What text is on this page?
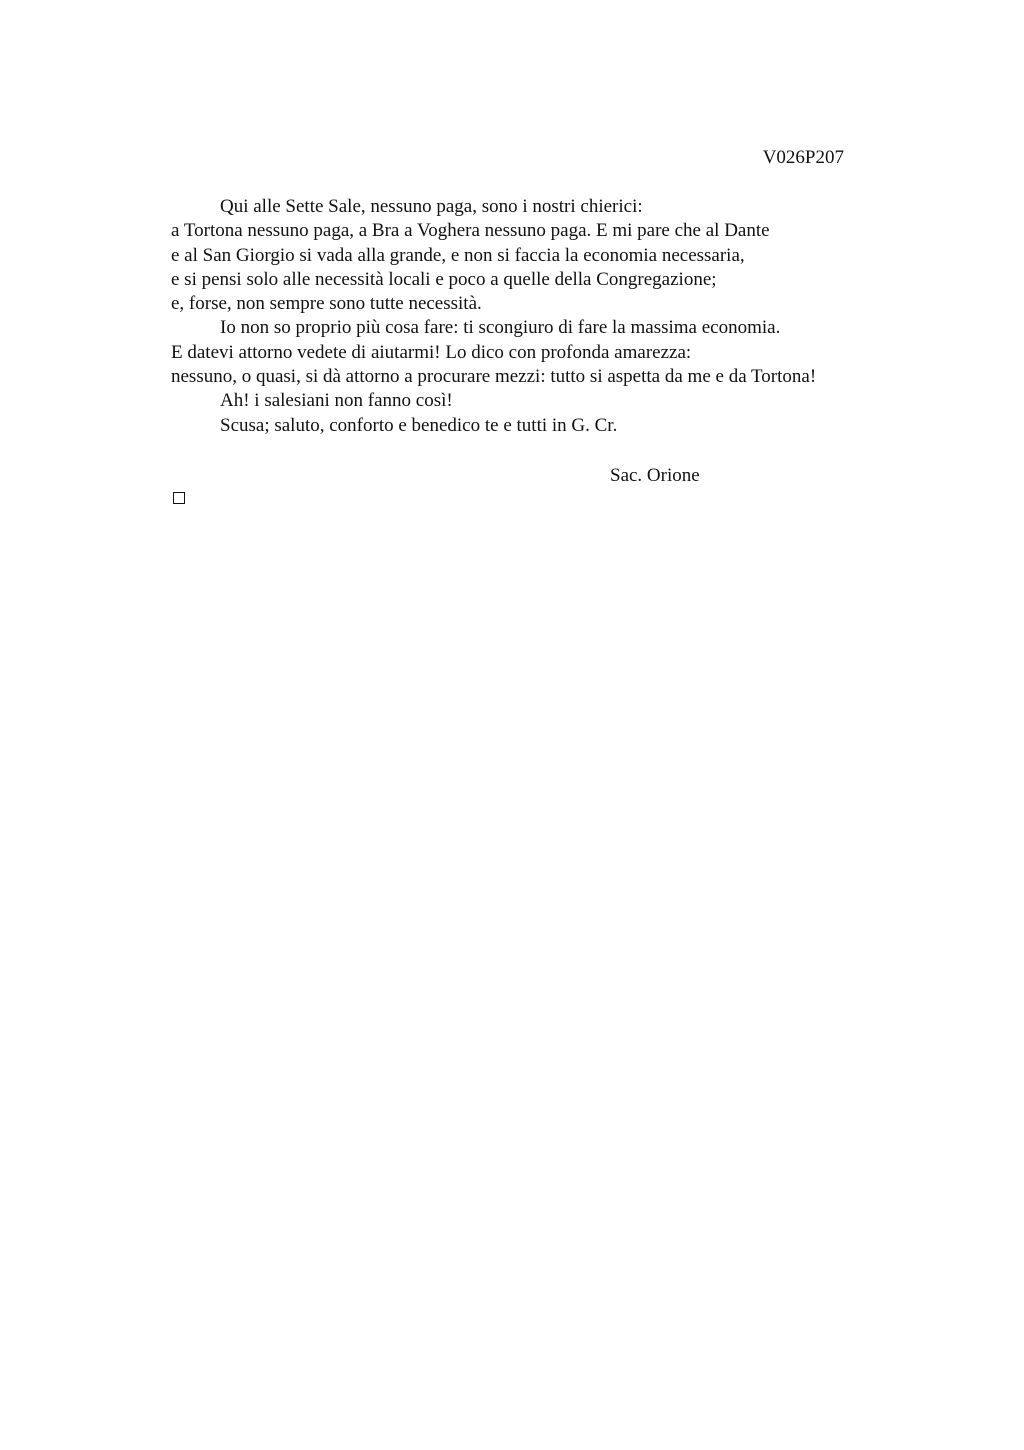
V026P207

Qui alle Sette Sale, nessuno paga, sono i nostri chierici:

a Tortona nessuno paga, a Bra a Voghera nessuno paga. E mi pare che al Dante

e al San Giorgio si vada alla grande, e non si faccia la economia necessaria,

e si pensi solo alle necessità locali e poco a quelle della Congregazione;

e, forse, non sempre sono tutte necessità.

Io non so proprio più cosa fare: ti scongiuro di fare la massima economia.

E datevi attorno vedete di aiutarmi! Lo dico con profonda amarezza:

nessuno, o quasi, si dà attorno a procurare mezzi: tutto si aspetta da me e da Tortona!

Ah! i salesiani non fanno così!

Scusa; saluto, conforto e benedico te e tutti in G. Cr.

Sac. Orione
